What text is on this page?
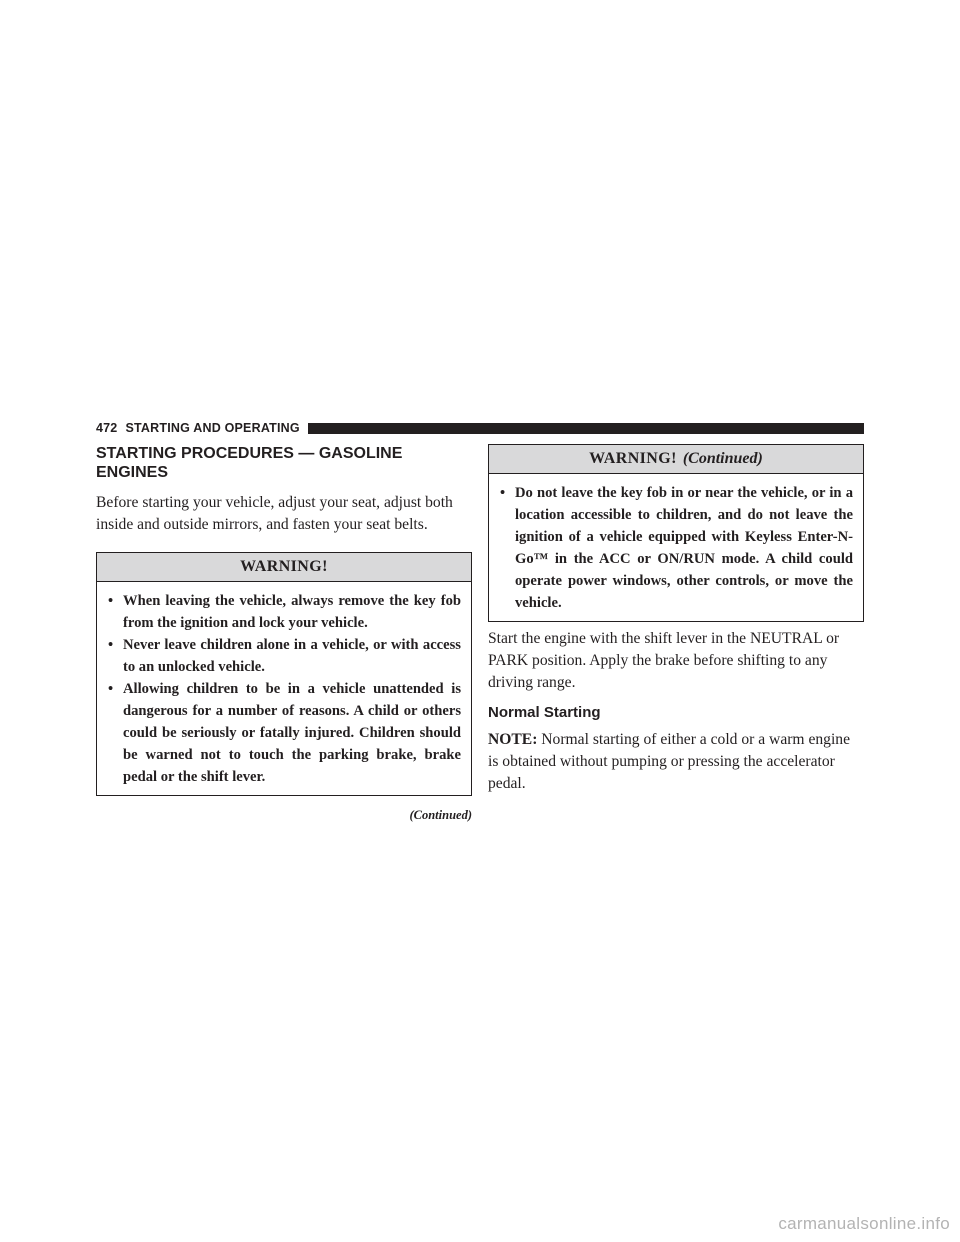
472 STARTING AND OPERATING
STARTING PROCEDURES — GASOLINE ENGINES

Before starting your vehicle, adjust your seat, adjust both inside and outside mirrors, and fasten your seat belts.

WARNING!
• When leaving the vehicle, always remove the key fob from the ignition and lock your vehicle.
• Never leave children alone in a vehicle, or with access to an unlocked vehicle.
• Allowing children to be in a vehicle unattended is dangerous for a number of reasons. A child or others could be seriously or fatally injured. Children should be warned not to touch the parking brake, brake pedal or the shift lever.
(Continued)
WARNING! (Continued)
• Do not leave the key fob in or near the vehicle, or in a location accessible to children, and do not leave the ignition of a vehicle equipped with Keyless Enter-N-Go™ in the ACC or ON/RUN mode. A child could operate power windows, other controls, or move the vehicle.

Start the engine with the shift lever in the NEUTRAL or PARK position. Apply the brake before shifting to any driving range.

Normal Starting

NOTE: Normal starting of either a cold or a warm engine is obtained without pumping or pressing the accelerator pedal.

carmanualsonline.info
